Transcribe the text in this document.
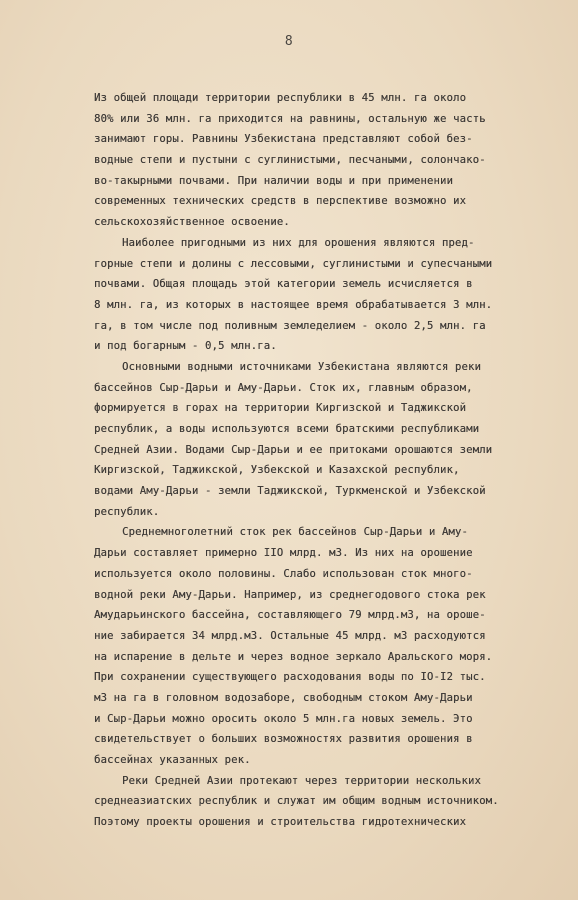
8
Из общей площади территории республики в 45 млн. га около
80% или 36 млн. га приходится на равнины, остальную же часть
занимают горы. Равнины Узбекистана представляют собой без-
водные степи и пустыни с суглинистыми, песчаными, солончако-
во-такырными почвами. При наличии воды и при применении
современных технических средств в перспективе возможно их
сельскохозяйственное освоение.
Наиболее пригодными из них для орошения являются пред-
горные степи и долины с лессовыми, суглинистыми и супесчаными
почвами. Общая площадь этой категории земель исчисляется в
8 млн. га, из которых в настоящее время обрабатывается 3 млн.
га, в том числе под поливным земледелием - около 2,5 млн. га
и под богарным - 0,5 млн.га.
Основными водными источниками Узбекистана являются реки
бассейнов Сыр-Дарьи и Аму-Дарьи. Сток их, главным образом,
формируется в горах на территории Киргизской и Таджикской
республик, а воды используются всеми братскими республиками
Средней Азии. Водами Сыр-Дарьи и ее притоками орошаются земли
Киргизской, Таджикской, Узбекской и Казахской республик,
водами Аму-Дарьи - земли Таджикской, Туркменской и Узбекской
республик.
Среднемноголетний сток рек бассейнов Сыр-Дарьи и Аму-
Дарьи составляет примерно IIO млрд. м3. Из них на орошение
используется около половины. Слабо использован сток много-
водной реки Аму-Дарьи. Например, из среднегодового стока рек
Амударьинского бассейна, составляющего 79 млрд.м3, на ороше-
ние забирается 34 млрд.м3. Остальные 45 млрд. м3 расходуются
на испарение в дельте и через водное зеркало Аральского моря.
При сохранении существующего расходования воды по IO-I2 тыс.
м3 на га в головном водозаборе, свободным стоком Аму-Дарьи
и Сыр-Дарьи можно оросить около 5 млн.га новых земель. Это
свидетельствует о больших возможностях развития орошения в
бассейнах указанных рек.
Реки Средней Азии протекают через территории нескольких
среднеазиатских республик и служат им общим водным источником.
Поэтому проекты орошения и строительства гидротехнических
